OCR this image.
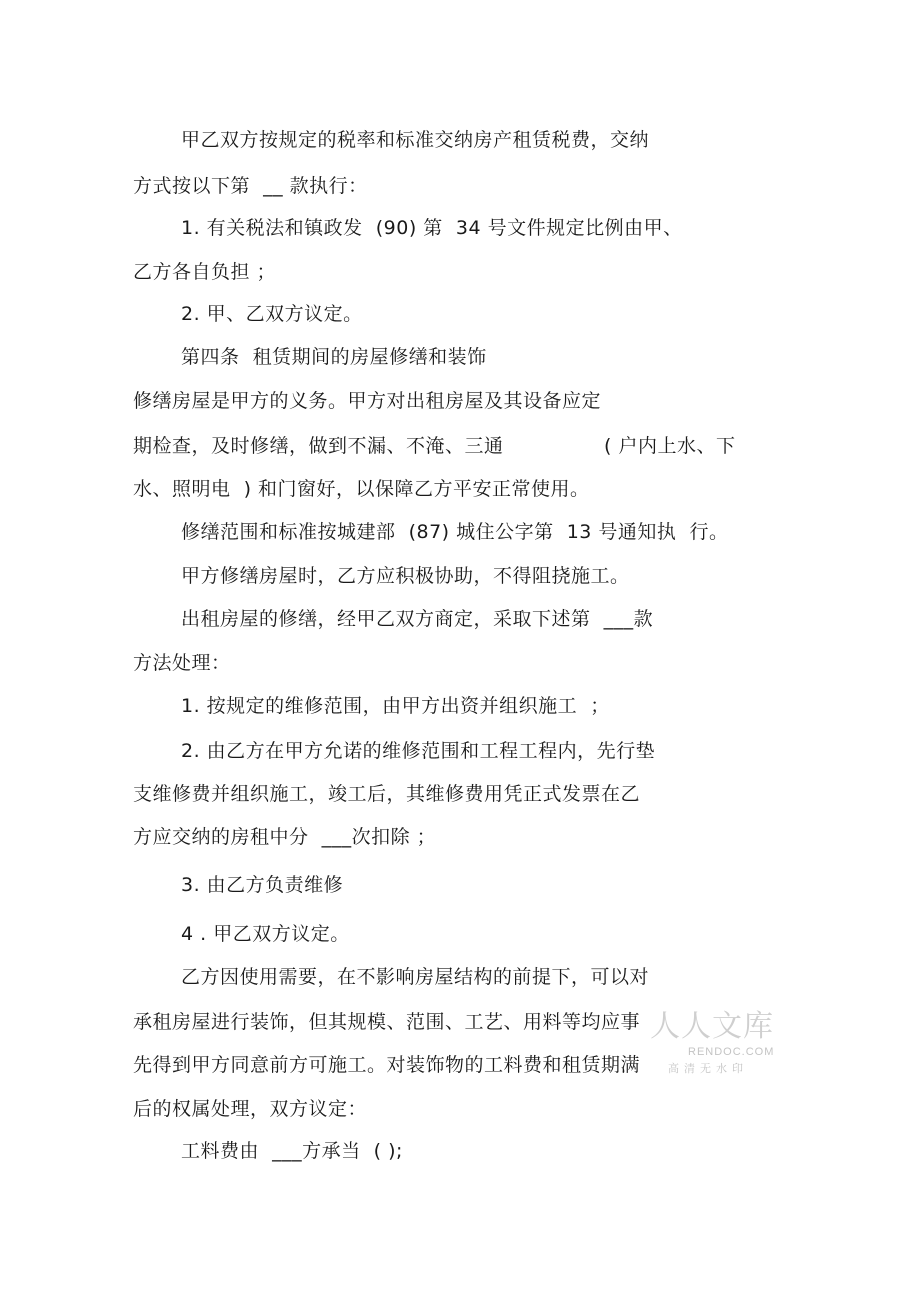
甲乙双方按规定的税率和标准交纳房产租赁税费，交纳
方式按以下第  __ 款执行：
1. 有关税法和镇政发  (90) 第  34 号文件规定比例由甲、
乙方各自负担 ；
2. 甲、乙双方议定。
第四条  租赁期间的房屋修缮和装饰
修缮房屋是甲方的义务。甲方对出租房屋及其设备应定
期检查，及时修缮，做到不漏、不淹、三通	( 户内上水、下
水、照明电  ) 和门窗好，以保障乙方平安正常使用。
修缮范围和标准按城建部  (87) 城住公字第  13 号通知执  行。
甲方修缮房屋时，乙方应积极协助，不得阻挠施工。
出租房屋的修缮，经甲乙双方商定，采取下述第  ___款
方法处理：
1. 按规定的维修范围，由甲方出资并组织施工  ；
2. 由乙方在甲方允诺的维修范围和工程工程内，先行垫
支维修费并组织施工，竣工后，其维修费用凭正式发票在乙
方应交纳的房租中分  ___次扣除 ；
3. 由乙方负责维修
4 . 甲乙双方议定。
乙方因使用需要，在不影响房屋结构的前提下，可以对
承租房屋进行装饰，但其规模、范围、工艺、用料等均应事
先得到甲方同意前方可施工。对装饰物的工料费和租赁期满
后的权属处理，双方议定：
工料费由  ___方承当  ( );
人人文库
RENDOC.COM
高清无水印
